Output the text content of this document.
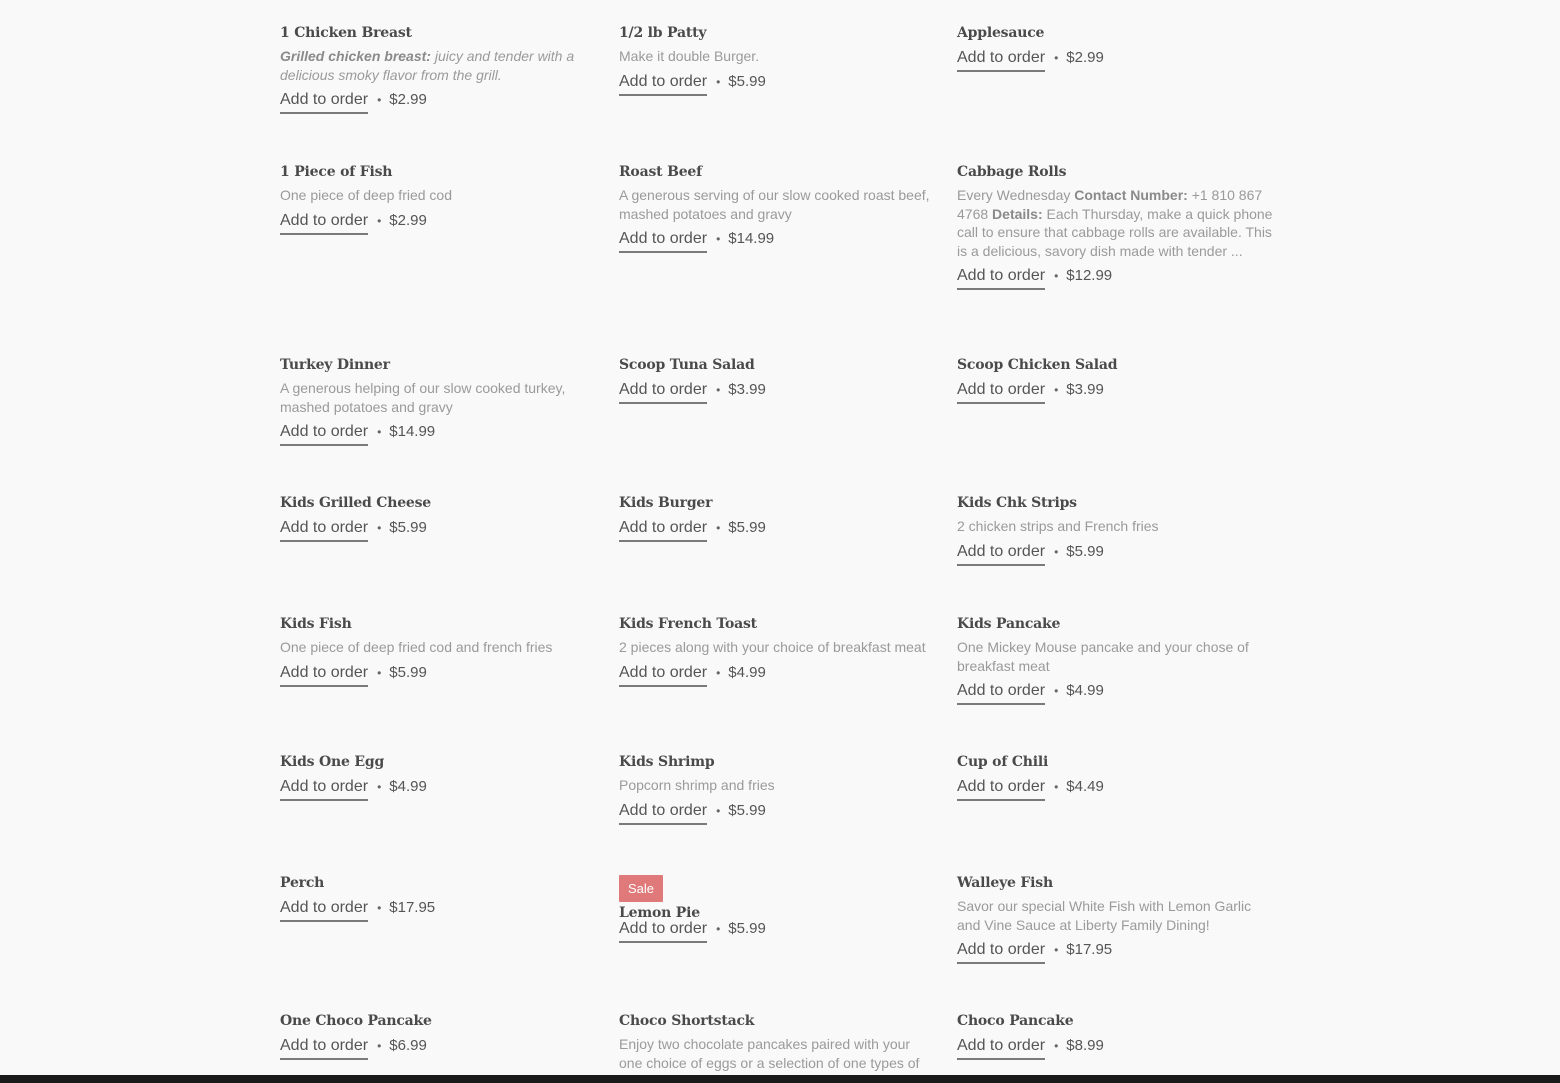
1 Chicken Breast
Grilled chicken breast: juicy and tender with a delicious smoky flavor from the grill.
Add to order • $2.99
1/2 lb Patty
Make it double Burger.
Add to order • $5.99
Applesauce
Add to order • $2.99
1 Piece of Fish
One piece of deep fried cod
Add to order • $2.99
Roast Beef
A generous serving of our slow cooked roast beef, mashed potatoes and gravy
Add to order • $14.99
Cabbage Rolls
Every Wednesday Contact Number: +1 810 867 4768 Details: Each Thursday, make a quick phone call to ensure that cabbage rolls are available. This is a delicious, savory dish made with tender ...
Add to order • $12.99
Turkey Dinner
A generous helping of our slow cooked turkey, mashed potatoes and gravy
Add to order • $14.99
Scoop Tuna Salad
Add to order • $3.99
Scoop Chicken Salad
Add to order • $3.99
Kids Grilled Cheese
Add to order • $5.99
Kids Burger
Add to order • $5.99
Kids Chk Strips
2 chicken strips and French fries
Add to order • $5.99
Kids Fish
One piece of deep fried cod and french fries
Add to order • $5.99
Kids French Toast
2 pieces along with your choice of breakfast meat
Add to order • $4.99
Kids Pancake
One Mickey Mouse pancake and your chose of breakfast meat
Add to order • $4.99
Kids One Egg
Add to order • $4.99
Kids Shrimp
Popcorn shrimp and fries
Add to order • $5.99
Cup of Chili
Add to order • $4.49
Perch
Add to order • $17.95
Sale
Lemon Pie
Add to order • $5.99
Walleye Fish
Savor our special White Fish with Lemon Garlic and Vine Sauce at Liberty Family Dining!
Add to order • $17.95
One Choco Pancake
Add to order • $6.99
Choco Shortstack
Enjoy two chocolate pancakes paired with your one choice of eggs or a selection of one types of
Choco Pancake
Add to order • $8.99
